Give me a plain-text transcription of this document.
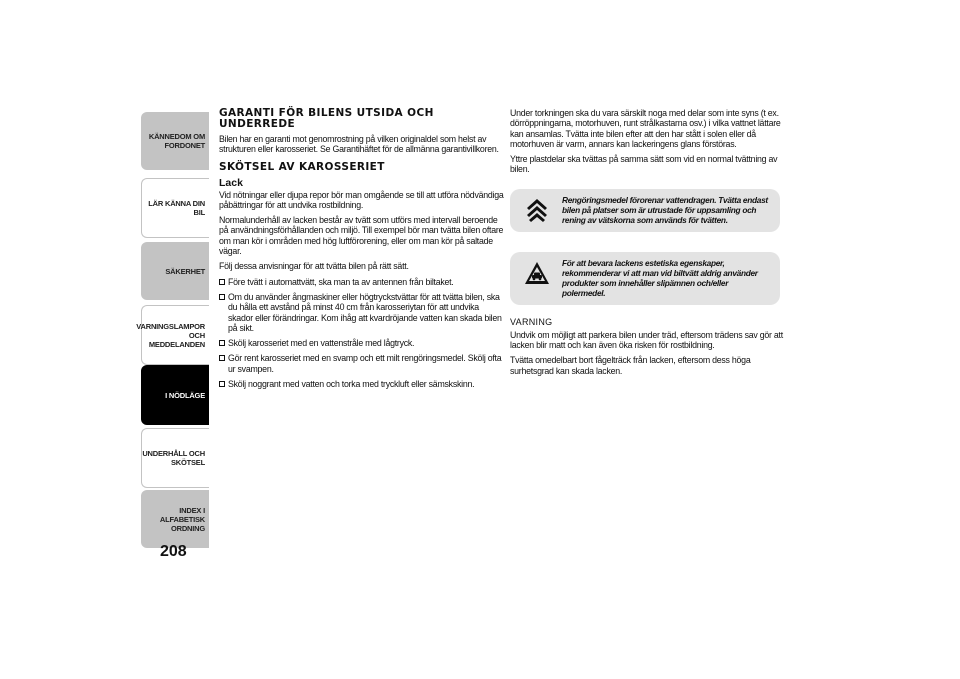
KÄNNEDOM OM
FORDONET
LÄR KÄNNA DIN BIL
SÄKERHET
VARNINGSLAMPOR
OCH MEDDELANDEN
I NÖDLÄGE
UNDERHÅLL OCH
SKÖTSEL
INDEX I ALFABETISK
ORDNING
208
GARANTI FÖR BILENS UTSIDA OCH UNDERREDE

Bilen har en garanti mot genomrostning på vilken originaldel som helst av strukturen eller karosseriet. Se Garantihäftet för de allmänna garantivillkoren.

SKÖTSEL AV KAROSSERIET
Lack

Vid nötningar eller djupa repor bör man omgående se till att utföra nödvändiga påbättringar för att undvika rostbildning.

Normalunderhåll av lacken består av tvätt som utförs med intervall beroende på användningsförhållanden och miljö. Till exempel bör man tvätta bilen oftare om man kör i områden med hög luftförorening, eller om man kör på saltade vägar.

Följ dessa anvisningar för att tvätta bilen på rätt sätt.

Före tvätt i automattvätt, ska man ta av antennen från biltaket.
Om du använder ångmaskiner eller högtryckstvättar för att tvätta bilen, ska du hålla ett avstånd på minst 40 cm från karosseriytan för att undvika skador eller förändringar. Kom ihåg att kvardröjande vatten kan skada bilen på sikt.
Skölj karosseriet med en vattenstråle med lågtryck.
Gör rent karosseriet med en svamp och ett milt rengöringsmedel. Skölj ofta ur svampen.
Skölj noggrant med vatten och torka med tryckluft eller sämskskinn.

Under torkningen ska du vara särskilt noga med delar som inte syns (t ex. dörröppningarna, motorhuven, runt strålkastarna osv.) i vilka vattnet lättare kan ansamlas. Tvätta inte bilen efter att den har stått i solen eller då motorhuven är varm, annars kan lackeringens glans förstöras.

Yttre plastdelar ska tvättas på samma sätt som vid en normal tvättning av bilen.

Rengöringsmedel förorenar vattendragen. Tvätta endast bilen på platser som är utrustade för uppsamling och rening av vätskorna som används för tvätten.
För att bevara lackens estetiska egenskaper, rekommenderar vi att man vid biltvätt aldrig använder produkter som innehåller slipämnen och/eller polermedel.
VARNING

Undvik om möjligt att parkera bilen under träd, eftersom trädens sav gör att lacken blir matt och kan även öka risken för rostbildning.

Tvätta omedelbart bort fågelträck från lacken, eftersom dess höga surhetsgrad kan skada lacken.
